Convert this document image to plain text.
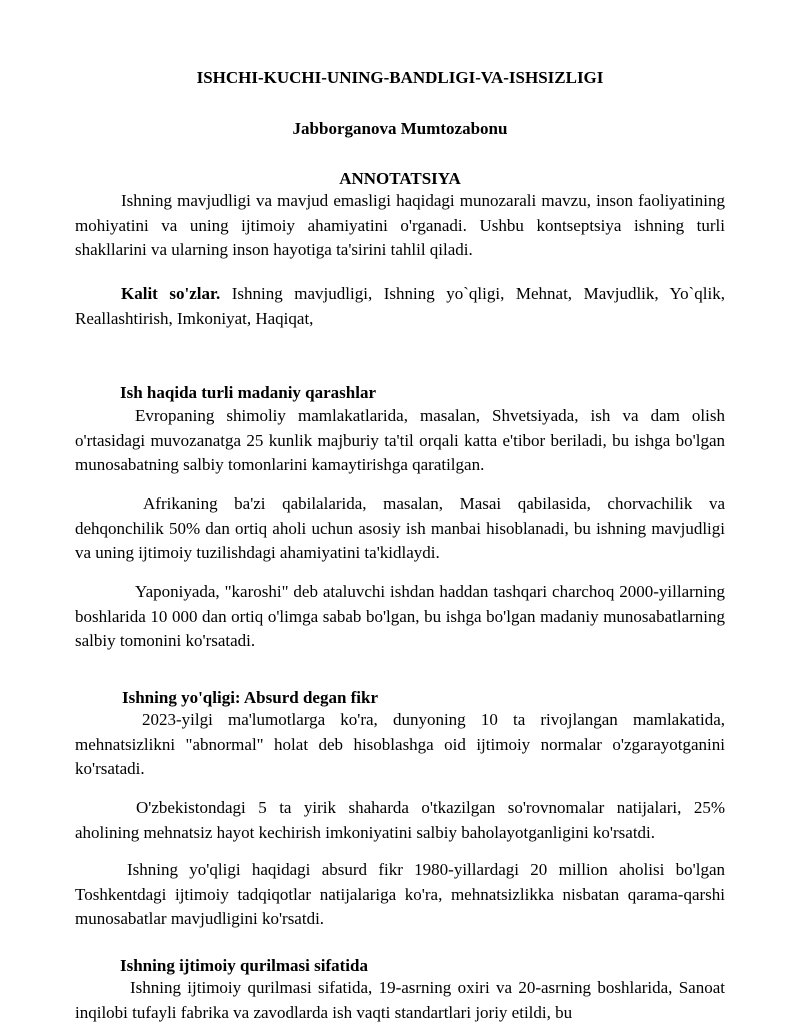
ISHCHI-KUCHI-UNING-BANDLIGI-VA-ISHSIZLIGI
Jabborganova Mumtozabonu
ANNOTATSIYA

Ishning mavjudligi va mavjud emasligi haqidagi munozarali mavzu, inson faoliyatining mohiyatini va uning ijtimoiy ahamiyatini o'rganadi. Ushbu kontseptsiya ishning turli shakllarini va ularning inson hayotiga ta'sirini tahlil qiladi.

Kalit so'zlar. Ishning mavjudligi, Ishning yo`qligi, Mehnat, Mavjudlik, Yo`qlik, Reallashtirish, Imkoniyat, Haqiqat,

Ish haqida turli madaniy qarashlar

Evropaning shimoliy mamlakatlarida, masalan, Shvetsiyada, ish va dam olish o'rtasidagi muvozanatga 25 kunlik majburiy ta'til orqali katta e'tibor beriladi, bu ishga bo'lgan munosabatning salbiy tomonlarini kamaytirishga qaratilgan.

Afrikaning ba'zi qabilalarida, masalan, Masai qabilasida, chorvachilik va dehqonchilik 50% dan ortiq aholi uchun asosiy ish manbai hisoblanadi, bu ishning mavjudligi va uning ijtimoiy tuzilishdagi ahamiyatini ta'kidlaydi.

Yaponiyada, "karoshi" deb ataluvchi ishdan haddan tashqari charchoq 2000-yillarning boshlarida 10 000 dan ortiq o'limga sabab bo'lgan, bu ishga bo'lgan madaniy munosabatlarning salbiy tomonini ko'rsatadi.

Ishning yo'qligi: Absurd degan fikr

2023-yilgi ma'lumotlarga ko'ra, dunyoning 10 ta rivojlangan mamlakatida, mehnatsizlikni "abnormal" holat deb hisoblashga oid ijtimoiy normalar o'zgarayotganini ko'rsatadi.

O'zbekistondagi 5 ta yirik shaharda o'tkazilgan so'rovnomalar natijalari, 25% aholining mehnatsiz hayot kechirish imkoniyatini salbiy baholayotganligini ko'rsatdi.

Ishning yo'qligi haqidagi absurd fikr 1980-yillardagi 20 million aholisi bo'lgan Toshkentdagi ijtimoiy tadqiqotlar natijalariga ko'ra, mehnatsizlikka nisbatan qarama-qarshi munosabatlar mavjudligini ko'rsatdi.

Ishning ijtimoiy qurilmasi sifatida

Ishning ijtimoiy qurilmasi sifatida, 19-asrning oxiri va 20-asrning boshlarida, Sanoat inqilobi tufayli fabrika va zavodlarda ish vaqti standartlari joriy etildi, bu
